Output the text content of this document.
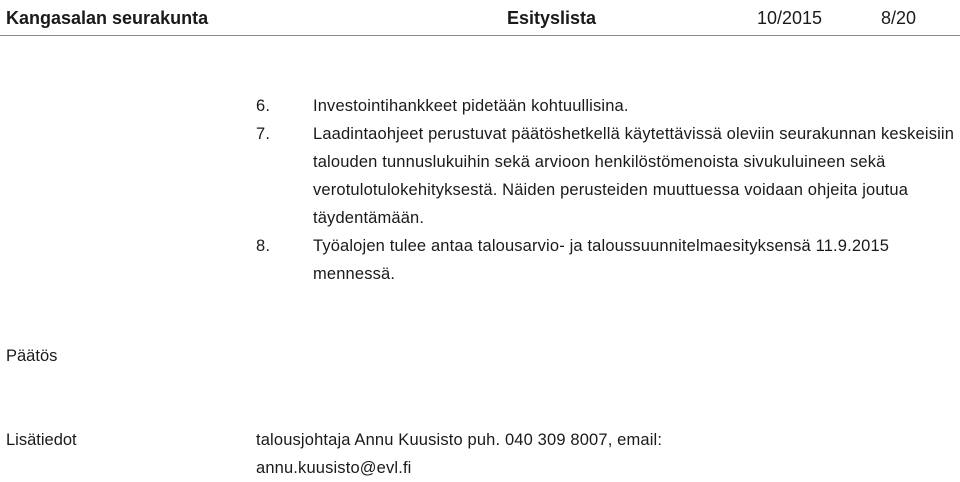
Kangasalan seurakunta	Esityslista	10/2015	8/20
6.	Investointihankkeet pidetään kohtuullisina.
7.	Laadintaohjeet perustuvat päätöshetkellä käytettävissä oleviin seurakunnan keskeisiin talouden tunnuslukuihin sekä arvioon henkilöstömenoista sivukuluineen sekä verotulotulokehityksestä. Näiden perusteiden muuttuessa voidaan ohjeita joutua täydentämään.
8.	Työalojen tulee antaa talousarvio- ja taloussuunnitelmaesityksensä 11.9.2015 mennessä.
Päätös
Lisätiedot	talousjohtaja Annu Kuusisto puh. 040 309 8007, email:
annu.kuusisto@evl.fi
